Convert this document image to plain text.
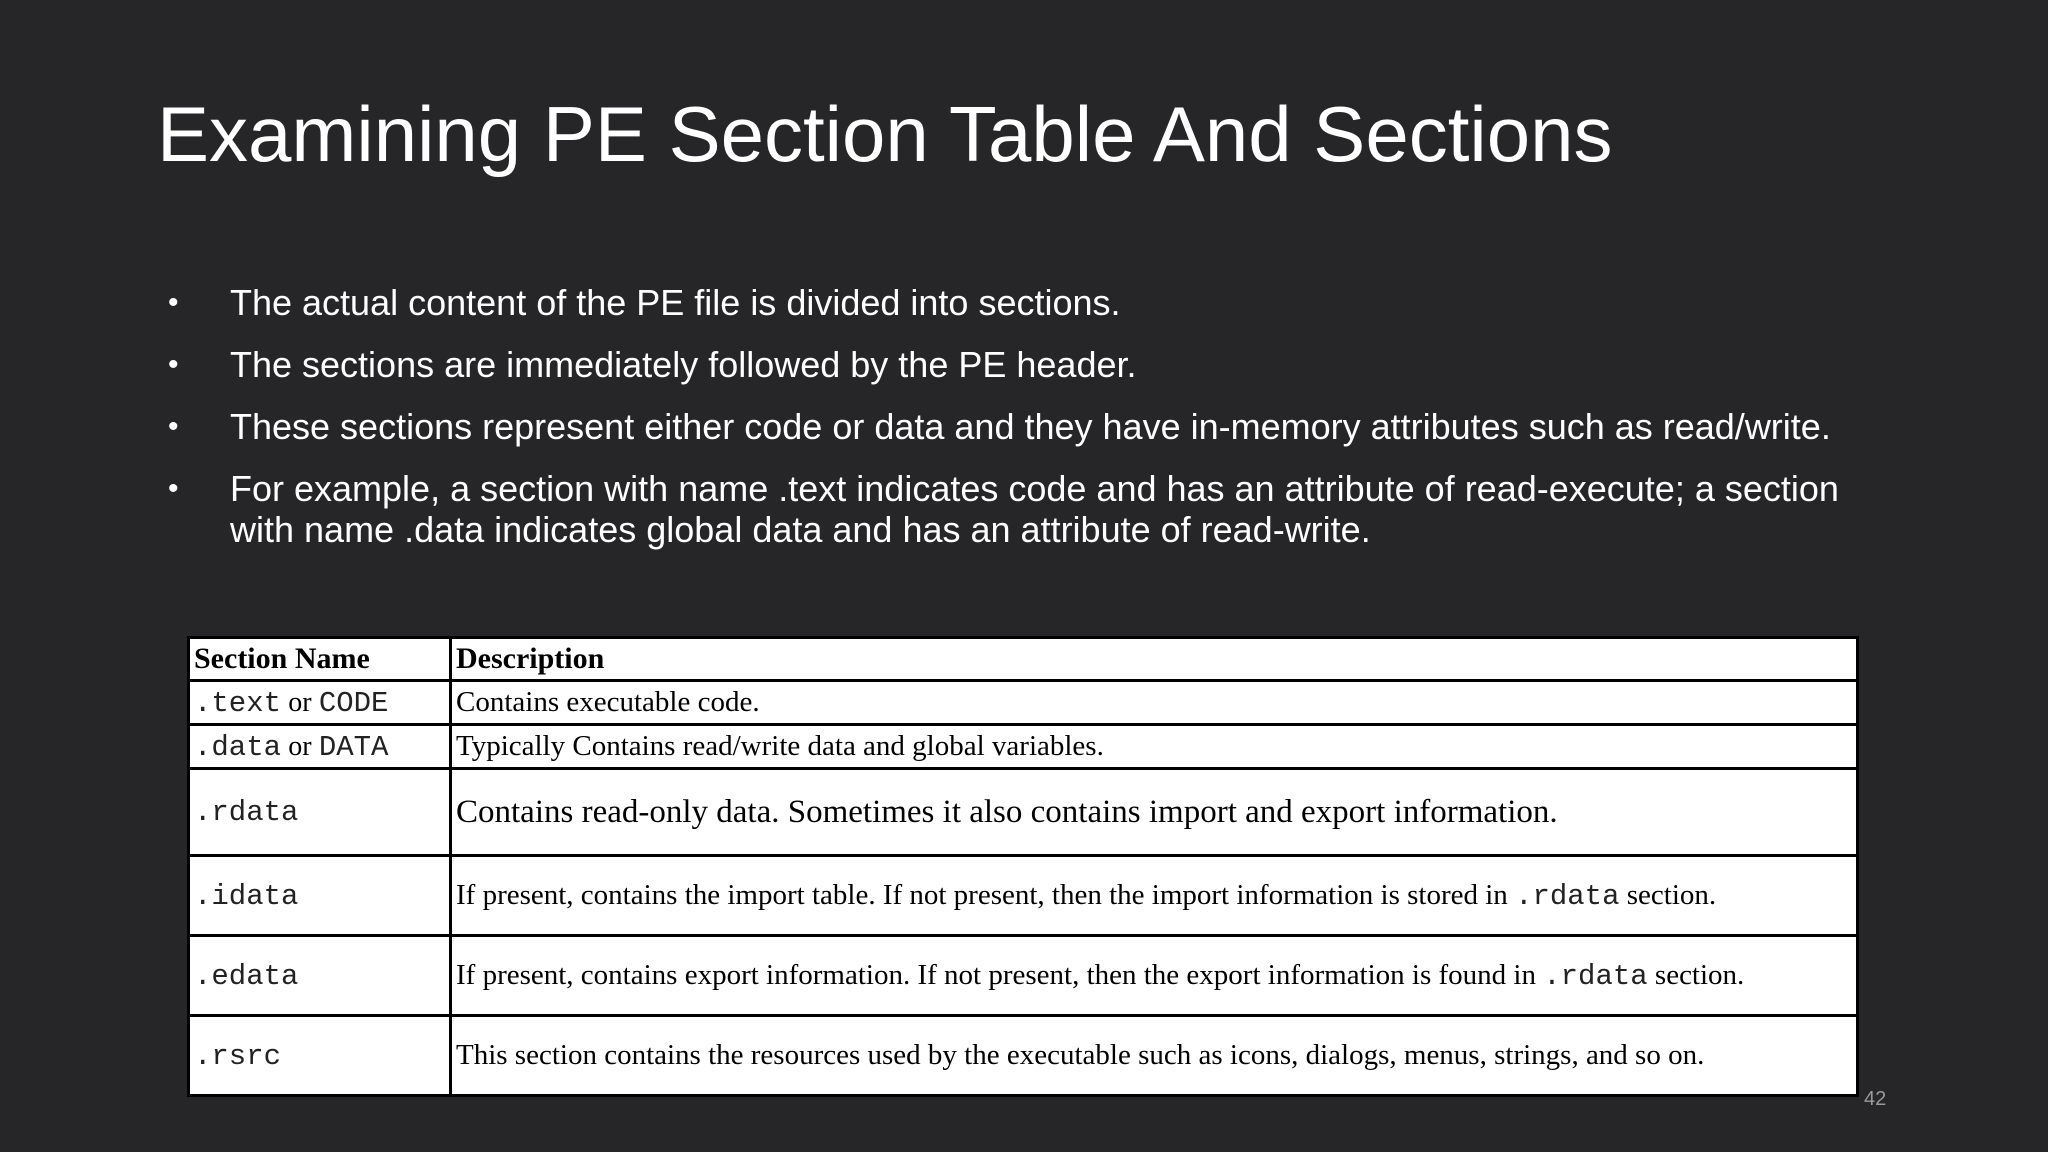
Examining PE Section Table And Sections
• The actual content of the PE file is divided into sections.
• The sections are immediately followed by the PE header.
• These sections represent either code or data and they have in-memory attributes such as read/write.
• For example, a section with name .text indicates code and has an attribute of read-execute; a section with name .data indicates global data and has an attribute of read-write.
Section Name	Description
.text or CODE	Contains executable code.
.data or DATA	Typically Contains read/write data and global variables.
.rdata	Contains read-only data. Sometimes it also contains import and export information.
.idata	If present, contains the import table. If not present, then the import information is stored in .rdata section.
.edata	If present, contains export information. If not present, then the export information is found in .rdata section.
.rsrc	This section contains the resources used by the executable such as icons, dialogs, menus, strings, and so on.
42
